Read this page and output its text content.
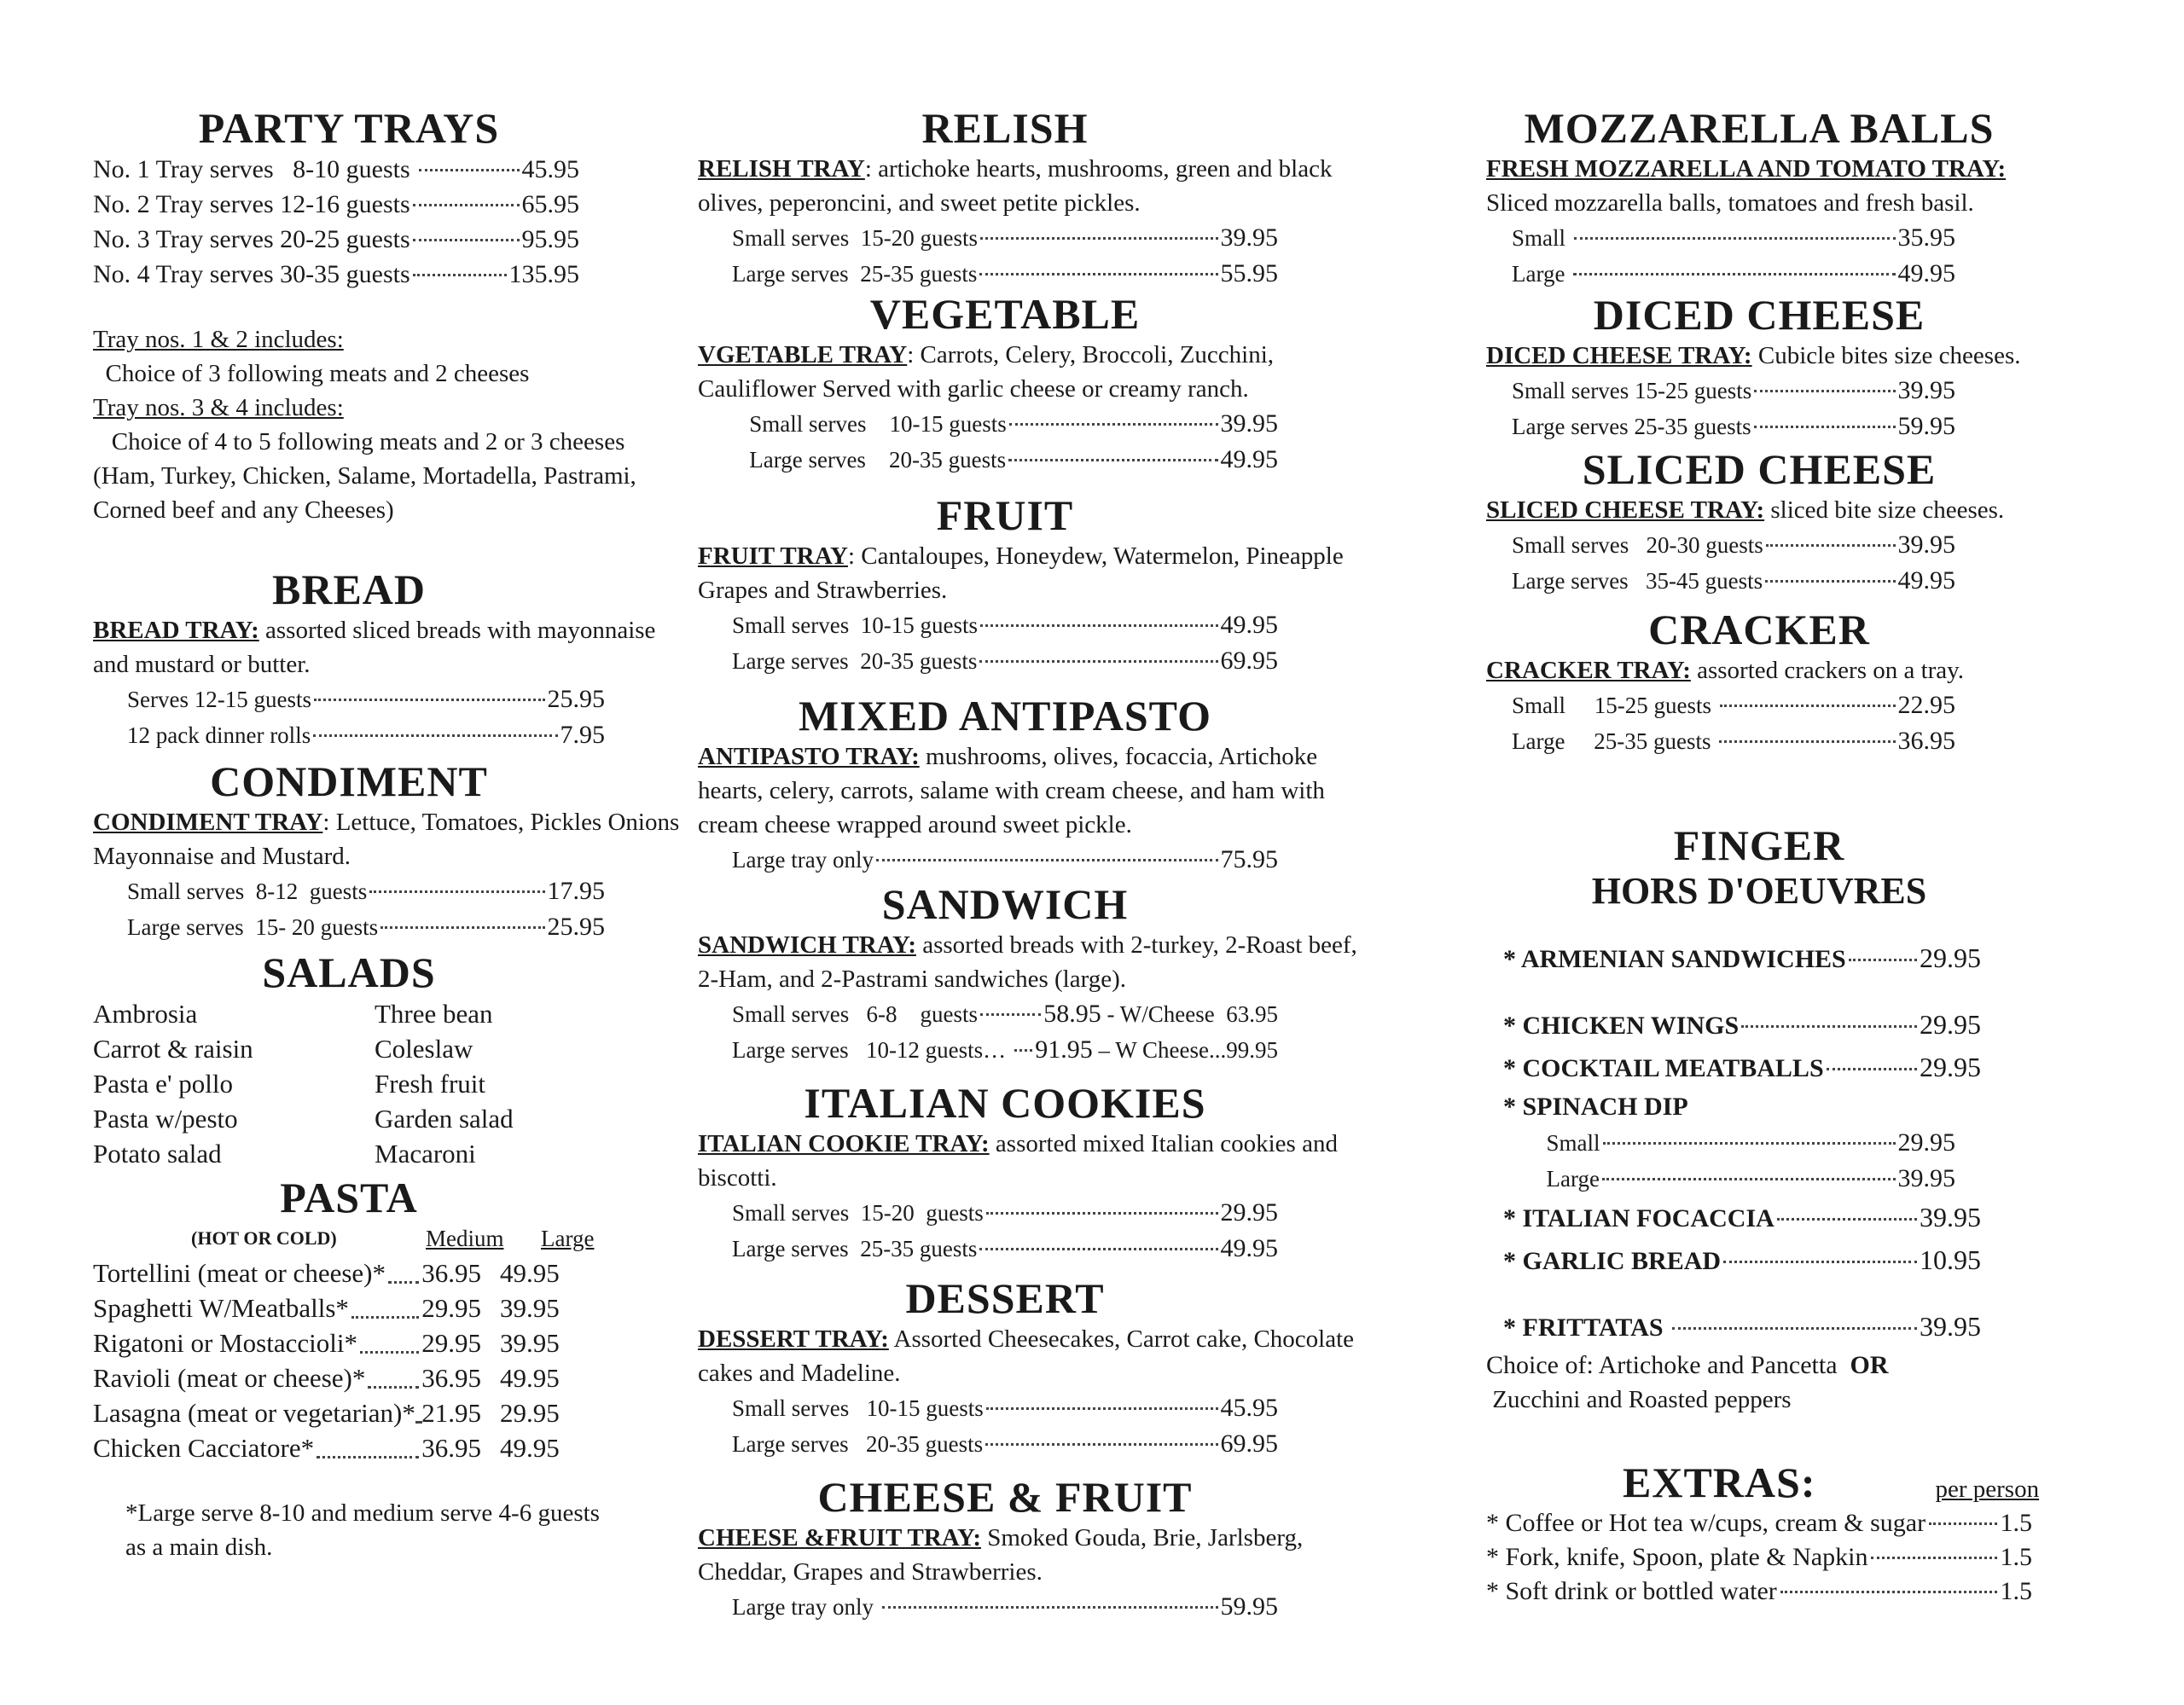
PARTY TRAYS
No. 1 Tray serves   8-10 guests	45.95
No. 2 Tray serves 12-16 guests	65.95
No. 3 Tray serves 20-25 guests	95.95
No. 4 Tray serves 30-35 guests	135.95
Tray nos. 1 & 2 includes:
Choice of 3 following meats and 2 cheeses
Tray nos. 3 & 4 includes:
Choice of 4 to 5 following meats and 2 or 3 cheeses
(Ham, Turkey, Chicken, Salame, Mortadella, Pastrami, Corned beef and any Cheeses)
BREAD
BREAD TRAY: assorted sliced breads with mayonnaise and mustard or butter.
Serves 12-15 guests	25.95
12 pack dinner rolls	7.95
CONDIMENT
CONDIMENT TRAY: Lettuce, Tomatoes, Pickles Onions Mayonnaise and Mustard.
Small serves  8-12  guests	17.95
Large serves  15- 20 guests	25.95
SALADS
Ambrosia	Three bean
Carrot & raisin	Coleslaw
Pasta e' pollo	Fresh fruit
Pasta w/pesto	Garden salad
Potato salad	Macaroni
PASTA
(HOT OR COLD)	Medium	Large
Tortellini (meat or cheese)* 36.95 49.95
Spaghetti W/Meatballs*	29.95 39.95
Rigatoni or Mostaccioli* 29.95 39.95
Ravioli (meat or cheese)* 36.95 49.95
Lasagna (meat or vegetarian)* 21.95 29.95
Chicken Cacciatore*	36.95 49.95
*Large serve 8-10 and medium serve 4-6 guests as a main dish.
RELISH
RELISH TRAY: artichoke hearts, mushrooms, green and black olives, peperoncini, and sweet petite pickles.
Small serves  15-20 guests	39.95
Large serves  25-35 guests	55.95
VEGETABLE
VGETABLE TRAY: Carrots, Celery, Broccoli, Zucchini, Cauliflower Served with garlic cheese or creamy ranch.
Small serves    10-15 guests	39.95
Large serves    20-35 guests	49.95
FRUIT
FRUIT TRAY: Cantaloupes, Honeydew, Watermelon, Pineapple Grapes and Strawberries.
Small serves  10-15 guests	49.95
Large serves  20-35 guests	69.95
MIXED ANTIPASTO
ANTIPASTO TRAY: mushrooms, olives, focaccia, Artichoke hearts, celery, carrots, salame with cream cheese, and ham with cream cheese wrapped around sweet pickle.
Large tray only	75.95
SANDWICH
SANDWICH TRAY: assorted breads with 2-turkey, 2-Roast beef, 2-Ham, and 2-Pastrami sandwiches (large).
Small serves   6-8    guests	58.95 - W/Cheese  63.95
Large serves   10-12 guests… 91.95 – W Cheese...99.95
ITALIAN COOKIES
ITALIAN COOKIE TRAY: assorted mixed Italian cookies and biscotti.
Small serves  15-20  guests	29.95
Large serves  25-35 guests	49.95
DESSERT
DESSERT TRAY: Assorted Cheesecakes, Carrot cake, Chocolate cakes and Madeline.
Small serves   10-15 guests	45.95
Large serves   20-35 guests	69.95
CHEESE & FRUIT
CHEESE &FRUIT TRAY: Smoked Gouda, Brie, Jarlsberg, Cheddar, Grapes and Strawberries.
Large tray only	59.95
MOZZARELLA BALLS
FRESH MOZZARELLA AND TOMATO TRAY:
Sliced mozzarella balls, tomatoes and fresh basil.
Small	35.95
Large	49.95
DICED CHEESE
DICED CHEESE TRAY: Cubicle bites size cheeses.
Small serves 15-25 guests	39.95
Large serves 25-35 guests	59.95
SLICED CHEESE
SLICED CHEESE TRAY: sliced bite size cheeses.
Small serves   20-30 guests	39.95
Large serves   35-45 guests	49.95
CRACKER
CRACKER TRAY: assorted crackers on a tray.
Small     15-25 guests	22.95
Large     25-35 guests	36.95
FINGER
HORS D'OEUVRES
* ARMENIAN SANDWICHES	29.95
* CHICKEN WINGS	29.95
* COCKTAIL MEATBALLS	29.95
* SPINACH DIP
Small	29.95
Large	39.95
* ITALIAN FOCACCIA	39.95
* GARLIC BREAD	10.95
* FRITTATAS	39.95
Choice of: Artichoke and Pancetta  OR
Zucchini and Roasted peppers
EXTRAS:	per person
* Coffee or Hot tea w/cups, cream & sugar	1.5
* Fork, knife, Spoon, plate & Napkin	1.5
* Soft drink or bottled water	1.5
